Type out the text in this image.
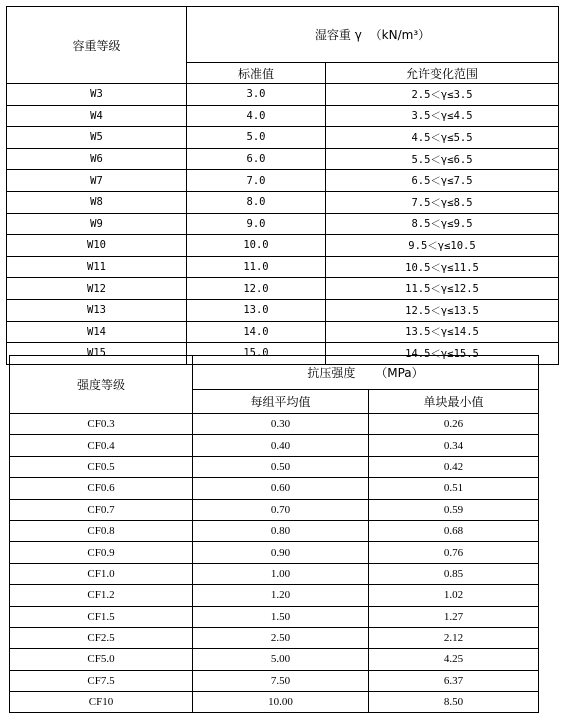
容重等级	湿容重 γ （kN/m³）	
	标准值	允许变化范围
W3	3.0	2.5＜γ≤3.5
W4	4.0	3.5＜γ≤4.5
W5	5.0	4.5＜γ≤5.5
W6	6.0	5.5＜γ≤6.5
W7	7.0	6.5＜γ≤7.5
W8	8.0	7.5＜γ≤8.5
W9	9.0	8.5＜γ≤9.5
W10	10.0	9.5＜γ≤10.5
W11	11.0	10.5＜γ≤11.5
W12	12.0	11.5＜γ≤12.5
W13	13.0	12.5＜γ≤13.5
W14	14.0	13.5＜γ≤14.5
W15	15.0	14.5＜γ≤15.5
强度等级	抗压强度 （MPa）	
	每组平均值	单块最小值
CF0.3	0.30	0.26
CF0.4	0.40	0.34
CF0.5	0.50	0.42
CF0.6	0.60	0.51
CF0.7	0.70	0.59
CF0.8	0.80	0.68
CF0.9	0.90	0.76
CF1.0	1.00	0.85
CF1.2	1.20	1.02
CF1.5	1.50	1.27
CF2.5	2.50	2.12
CF5.0	5.00	4.25
CF7.5	7.50	6.37
CF10	10.00	8.50
